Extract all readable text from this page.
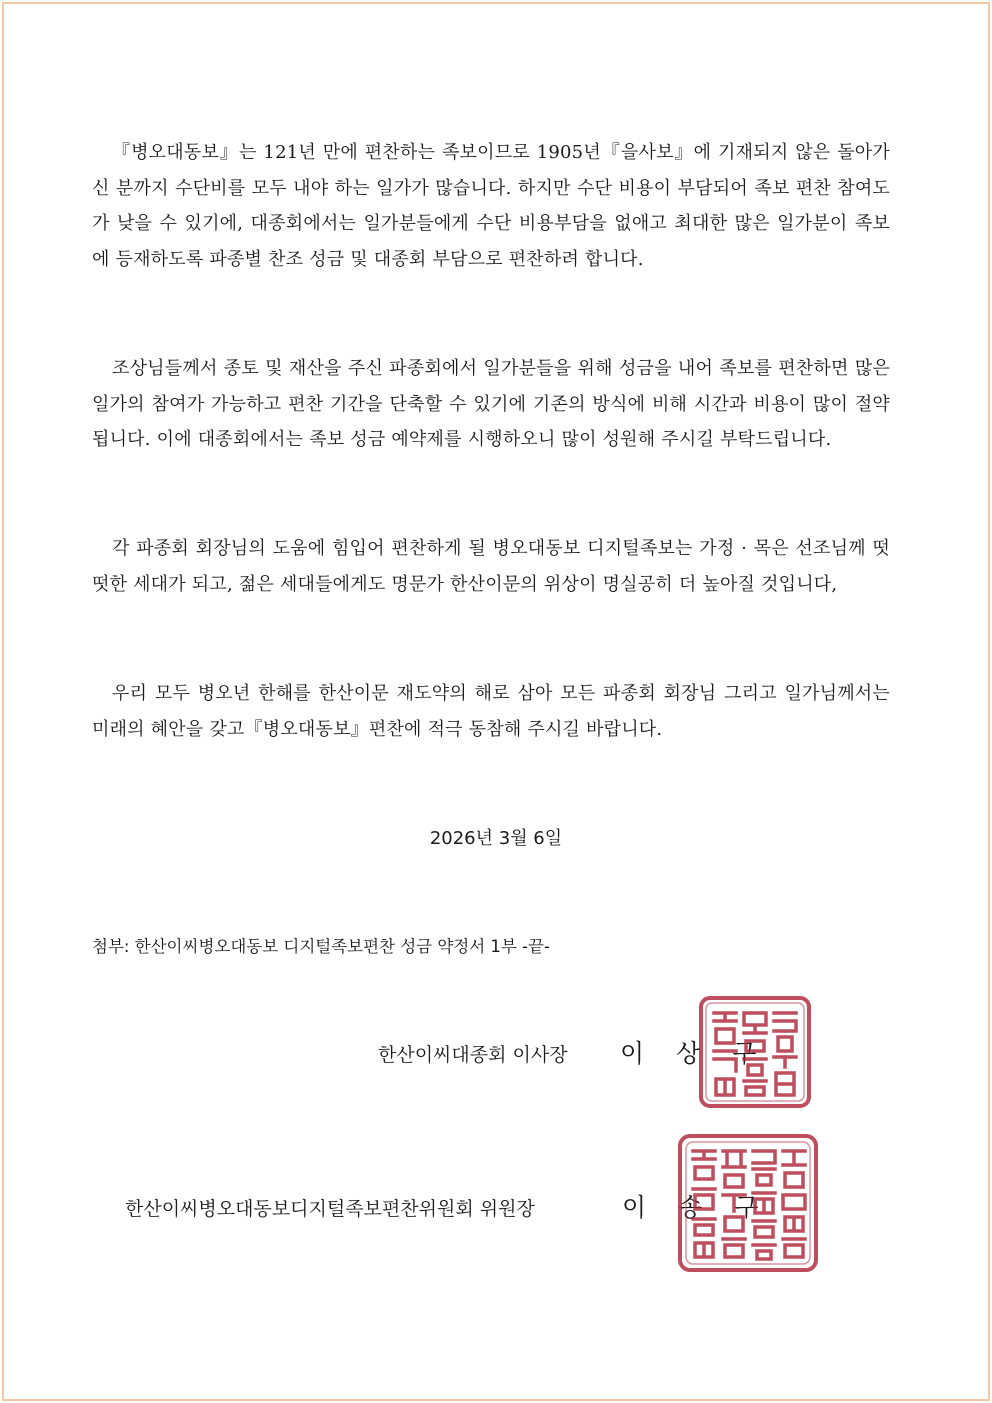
『병오대동보』는 121년 만에 편찬하는 족보이므로 1905년『을사보』에 기재되지 않은 돌아가신 분까지 수단비를 모두 내야 하는 일가가 많습니다. 하지만 수단 비용이 부담되어 족보 편찬 참여도가 낮을 수 있기에, 대종회에서는 일가분들에게 수단 비용부담을 없애고 최대한 많은 일가분이 족보에 등재하도록 파종별 찬조 성금 및 대종회 부담으로 편찬하려 합니다.

조상님들께서 종토 및 재산을 주신 파종회에서 일가분들을 위해 성금을 내어 족보를 편찬하면 많은 일가의 참여가 가능하고 편찬 기간을 단축할 수 있기에 기존의 방식에 비해 시간과 비용이 많이 절약됩니다. 이에 대종회에서는 족보 성금 예약제를 시행하오니 많이 성원해 주시길 부탁드립니다.

각 파종회 회장님의 도움에 힘입어 편찬하게 될 병오대동보 디지털족보는 가정 · 목은 선조님께 떳떳한 세대가 되고, 젊은 세대들에게도 명문가 한산이문의 위상이 명실공히 더 높아질 것입니다,

우리 모두 병오년 한해를 한산이문 재도약의 해로 삼아 모든 파종회 회장님 그리고 일가님께서는 미래의 혜안을 갖고『병오대동보』편찬에 적극 동참해 주시길 바랍니다.

2026년 3월 6일
첨부: 한산이씨병오대동보 디지털족보편찬 성금 약정서 1부 -끝-
한산이씨대종회 이사장 이 상 구
한산이씨병오대동보디지털족보편찬위원회 위원장	이 송 구
